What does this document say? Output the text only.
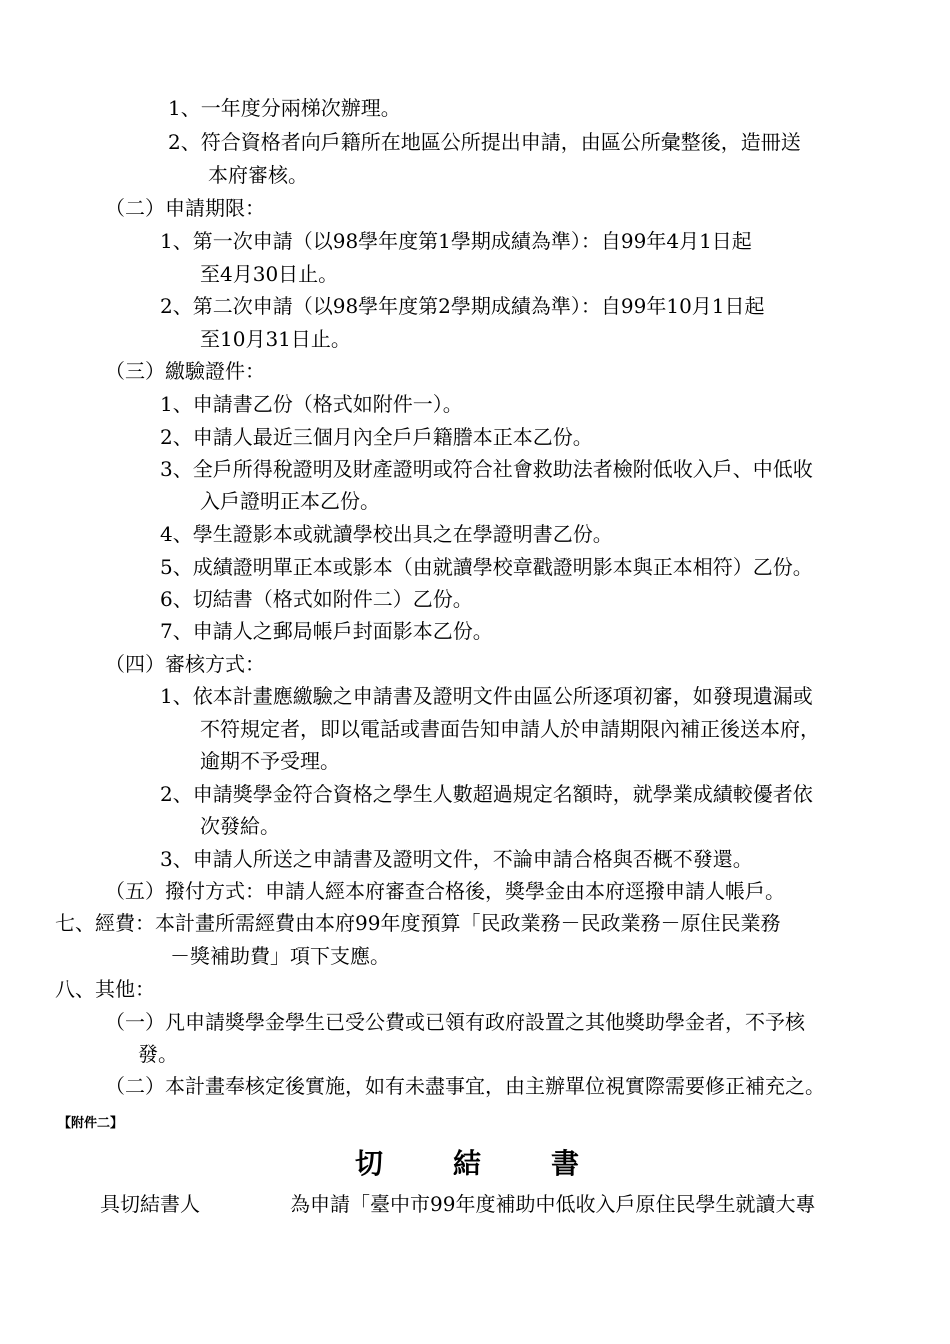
1、一年度分兩梯次辦理。
2、符合資格者向戶籍所在地區公所提出申請，由區公所彙整後，造冊送
本府審核。
（二）申請期限：
1、第一次申請（以98學年度第1學期成績為準）：自99年4月1日起
至4月30日止。
2、第二次申請（以98學年度第2學期成績為準）：自99年10月1日起
至10月31日止。
（三）繳驗證件：
1、申請書乙份（格式如附件一）。
2、申請人最近三個月內全戶戶籍謄本正本乙份。
3、全戶所得稅證明及財產證明或符合社會救助法者檢附低收入戶、中低收
入戶證明正本乙份。
4、學生證影本或就讀學校出具之在學證明書乙份。
5、成績證明單正本或影本（由就讀學校章戳證明影本與正本相符）乙份。
6、切結書（格式如附件二）乙份。
7、申請人之郵局帳戶封面影本乙份。
（四）審核方式：
1、依本計畫應繳驗之申請書及證明文件由區公所逐項初審，如發現遺漏或
不符規定者，即以電話或書面告知申請人於申請期限內補正後送本府，
逾期不予受理。
2、申請獎學金符合資格之學生人數超過規定名額時，就學業成績較優者依
次發給。
3、申請人所送之申請書及證明文件，不論申請合格與否概不發還。
（五）撥付方式：申請人經本府審查合格後，獎學金由本府逕撥申請人帳戶。
七、經費：本計畫所需經費由本府99年度預算「民政業務－民政業務－原住民業務
－獎補助費」項下支應。
八、其他：
（一）凡申請獎學金學生已受公費或已領有政府設置之其他獎助學金者，不予核
發。
（二）本計畫奉核定後實施，如有未盡事宜，由主辦單位視實際需要修正補充之。
【附件二】
切	結	書
具切結書人	為申請「臺中市99年度補助中低收入戶原住民學生就讀大專
